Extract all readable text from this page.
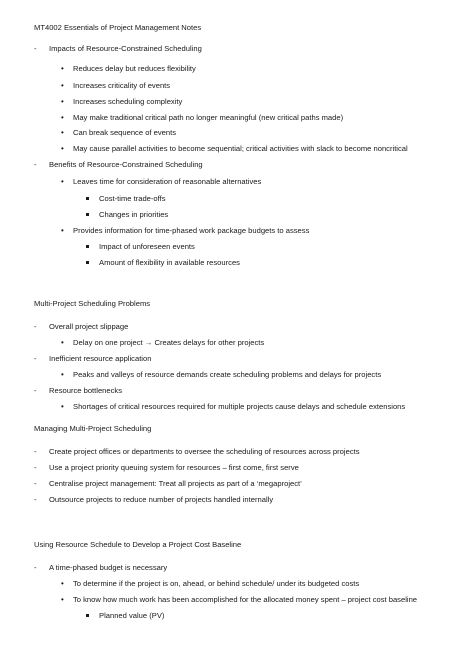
MT4002 Essentials of Project Management Notes
- Impacts of Resource-Constrained Scheduling
• Reduces delay but reduces flexibility
• Increases criticality of events
• Increases scheduling complexity
• May make traditional critical path no longer meaningful (new critical paths made)
• Can break sequence of events
• May cause parallel activities to become sequential; critical activities with slack to become noncritical
- Benefits of Resource-Constrained Scheduling
• Leaves time for consideration of reasonable alternatives
Cost-time trade-offs
Changes in priorities
• Provides information for time-phased work package budgets to assess
Impact of unforeseen events
Amount of flexibility in available resources
Multi-Project Scheduling Problems
- Overall project slippage
• Delay on one project → Creates delays for other projects
- Inefficient resource application
• Peaks and valleys of resource demands create scheduling problems and delays for projects
- Resource bottlenecks
• Shortages of critical resources required for multiple projects cause delays and schedule extensions
Managing Multi-Project Scheduling
- Create project offices or departments to oversee the scheduling of resources across projects
- Use a project priority queuing system for resources – first come, first serve
- Centralise project management: Treat all projects as part of a ‘megaproject’
- Outsource projects to reduce number of projects handled internally
Using Resource Schedule to Develop a Project Cost Baseline
- A time-phased budget is necessary
• To determine if the project is on, ahead, or behind schedule/ under its budgeted costs
• To know how much work has been accomplished for the allocated money spent – project cost baseline
Planned value (PV)
